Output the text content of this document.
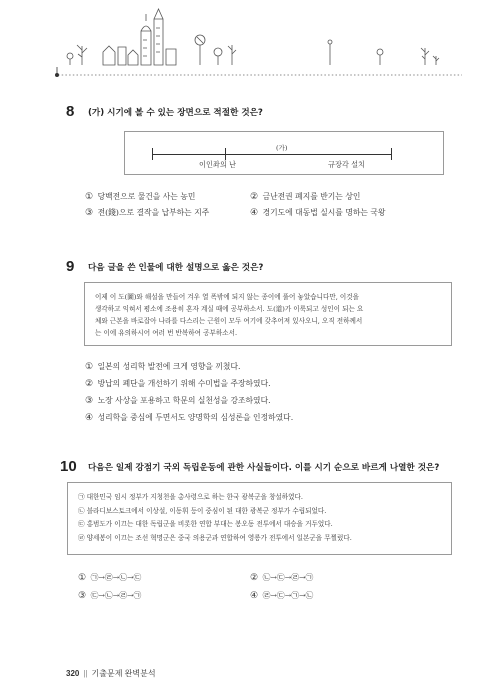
8 (가) 시기에 볼 수 있는 장면으로 적절한 것은?
(가)
이인좌의 난	규장각 설치
① 당백전으로 물건을 사는 농민	② 금난전권 폐지를 반기는 상인
③ 전(錢)으로 결작을 납부하는 지주	④ 경기도에 대동법 실시를 명하는 국왕
9 다음 글을 쓴 인물에 대한 설명으로 옳은 것은?
이제 이 도(圖)와 해설을 만들어 겨우 열 폭밖에 되지 않는 종이에 풀어 놓았습니다만, 이것을
생각하고 익혀서 평소에 조용히 혼자 계실 때에 공부하소서. 도(道)가 이룩되고 성인이 되는 요
체와 근본을 바로잡아 나라를 다스리는 근원이 모두 여기에 갖추어져 있사오니, 오직 전하께서
는 이에 유의하시어 여러 번 반복하여 공부하소서.
① 일본의 성리학 발전에 크게 영향을 끼쳤다.
② 방납의 폐단을 개선하기 위해 수미법을 주장하였다.
③ 노장 사상을 포용하고 학문의 실천성을 강조하였다.
④ 성리학을 중심에 두면서도 양명학의 심성론을 인정하였다.
10 다음은 일제 강점기 국외 독립운동에 관한 사실들이다. 이를 시기 순으로 바르게 나열한 것은?
㉠ 대한민국 임시 정부가 지청천을 총사령으로 하는 한국 광복군을 창설하였다.
㉡ 블라디보스토크에서 이상설, 이동휘 등이 중심이 된 대한 광복군 정부가 수립되었다.
㉢ 홍범도가 이끄는 대한 독립군을 비롯한 연합 부대는 봉오동 전투에서 대승을 거두었다.
㉣ 양세봉이 이끄는 조선 혁명군은 중국 의용군과 연합하여 영릉가 전투에서 일본군을 무찔렀다.
① ㉠→㉣→㉡→㉢	② ㉡→㉢→㉣→㉠
③ ㉢→㉡→㉣→㉠	④ ㉣→㉢→㉠→㉡
320 || 기출문제 완벽분석
